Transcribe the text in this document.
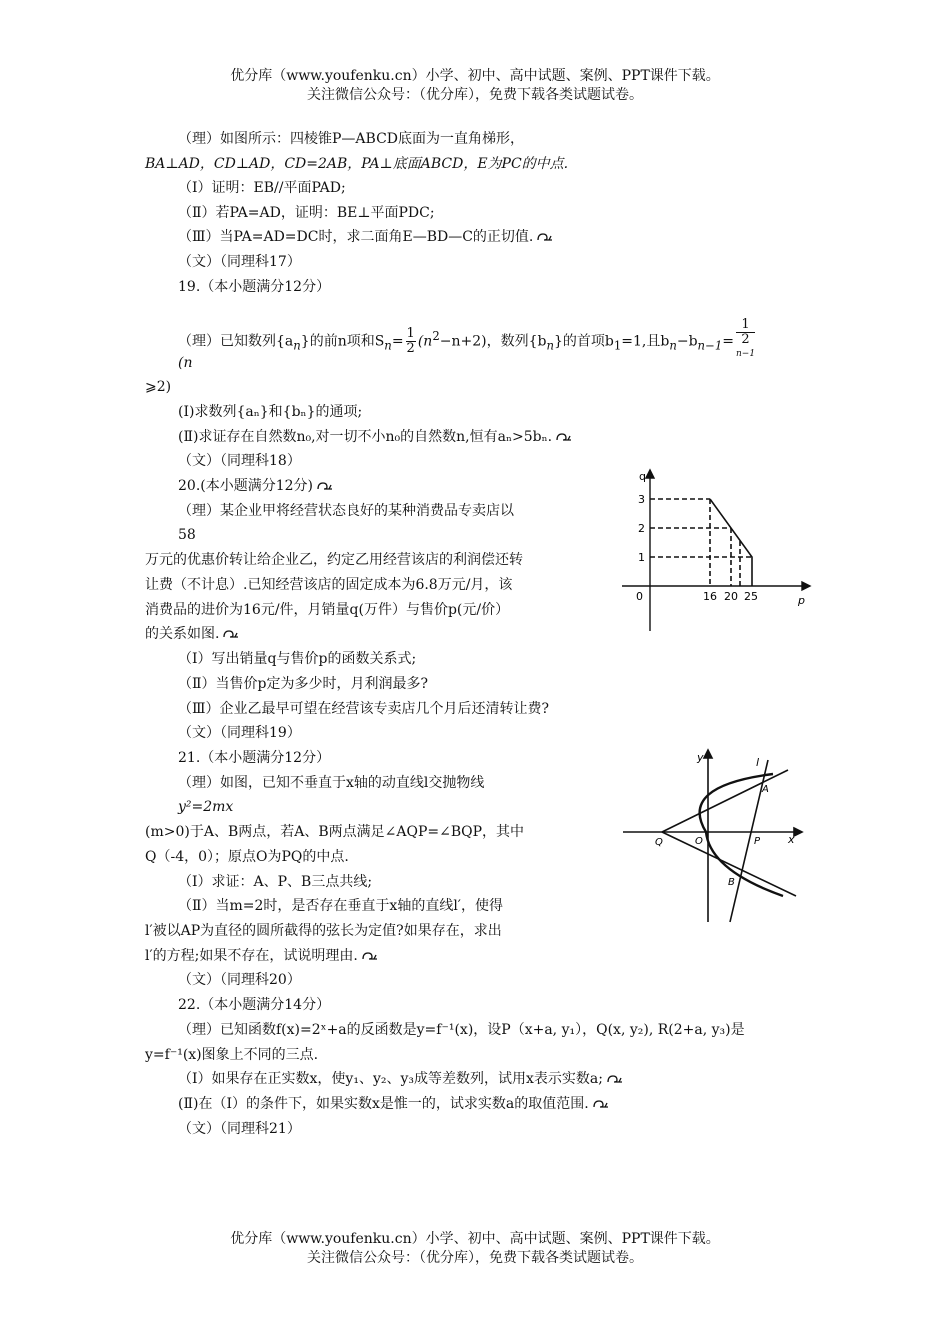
优分库（www.youfenku.cn）小学、初中、高中试题、案例、PPT课件下载。
关注微信公众号：（优分库），免费下载各类试题试卷。
（理）如图所示：四棱锥P—ABCD底面为一直角梯形，
BA⊥AD，CD⊥AD，CD=2AB，PA⊥底面ABCD，E为PC的中点.
（Ⅰ）证明：EB//平面PAD;
（Ⅱ）若PA=AD，证明：BE⊥平面PDC;
（Ⅲ）当PA=AD=DC时，求二面角E—BD—C的正切值.
（文）（同理科17）
19.（本小题满分12分）
（理）已知数列$\{a_n\}$的前n项和$S_n= \frac{1}{2} (n^2-n+2)$，数列$\{b_n\}$的首项$b_1=1$,且$b_n-b_{n-1}= 1$
2
$^{n-1}$
(n
⩾2)
(Ⅰ)求数列{aₙ}和{bₙ}的通项;
(Ⅱ)求证存在自然数n₀,对一切不小n₀的自然数n,恒有aₙ>5bₙ.
（文）（同理科18）
20.(本小题满分12分)
（理）某企业甲将经营状态良好的某种消费品专卖店以
58
万元的优惠价转让给企业乙，约定乙用经营该店的利润偿还转
让费（不计息）.已知经营该店的固定成本为6.8万元/月，该
消费品的进价为16元/件，月销量q(万件）与售价p(元/价）
的关系如图.
（Ⅰ）写出销量q与售价p的函数关系式;
（Ⅱ）当售价p定为多少时，月利润最多?
（Ⅲ）企业乙最早可望在经营该专卖店几个月后还清转让费?
（文）（同理科19）
q
p
0
3
2
1
16 20 25
21.（本小题满分12分）
（理）如图，已知不垂直于x轴的动直线l交抛物线
y²=2mx
(m>0)于A、B两点，若A、B两点满足∠AQP=∠BQP，其中
Q（-4，0）；原点O为PQ的中点.
（Ⅰ）求证：A、P、B三点共线;
（Ⅱ）当m=2时，是否存在垂直于x轴的直线l′，使得
l′被以AP为直径的圆所截得的弦长为定值?如果存在，求出
l′的方程;如果不存在，试说明理由.
（文）（同理科20）
y
x
l
A
B
Q	O	P
22.（本小题满分14分）
（理）已知函数f(x)=2ˣ+a的反函数是y=f⁻¹(x)，设P（x+a, y₁），Q(x, y₂), R(2+a, y₃)是
y=f⁻¹(x)图象上不同的三点.
（Ⅰ）如果存在正实数x，使y₁、y₂、y₃成等差数列，试用x表示实数a;
(Ⅱ)在（Ⅰ）的条件下，如果实数x是惟一的，试求实数a的取值范围.
（文）（同理科21）
优分库（www.youfenku.cn）小学、初中、高中试题、案例、PPT课件下载。
关注微信公众号：（优分库），免费下载各类试题试卷。
